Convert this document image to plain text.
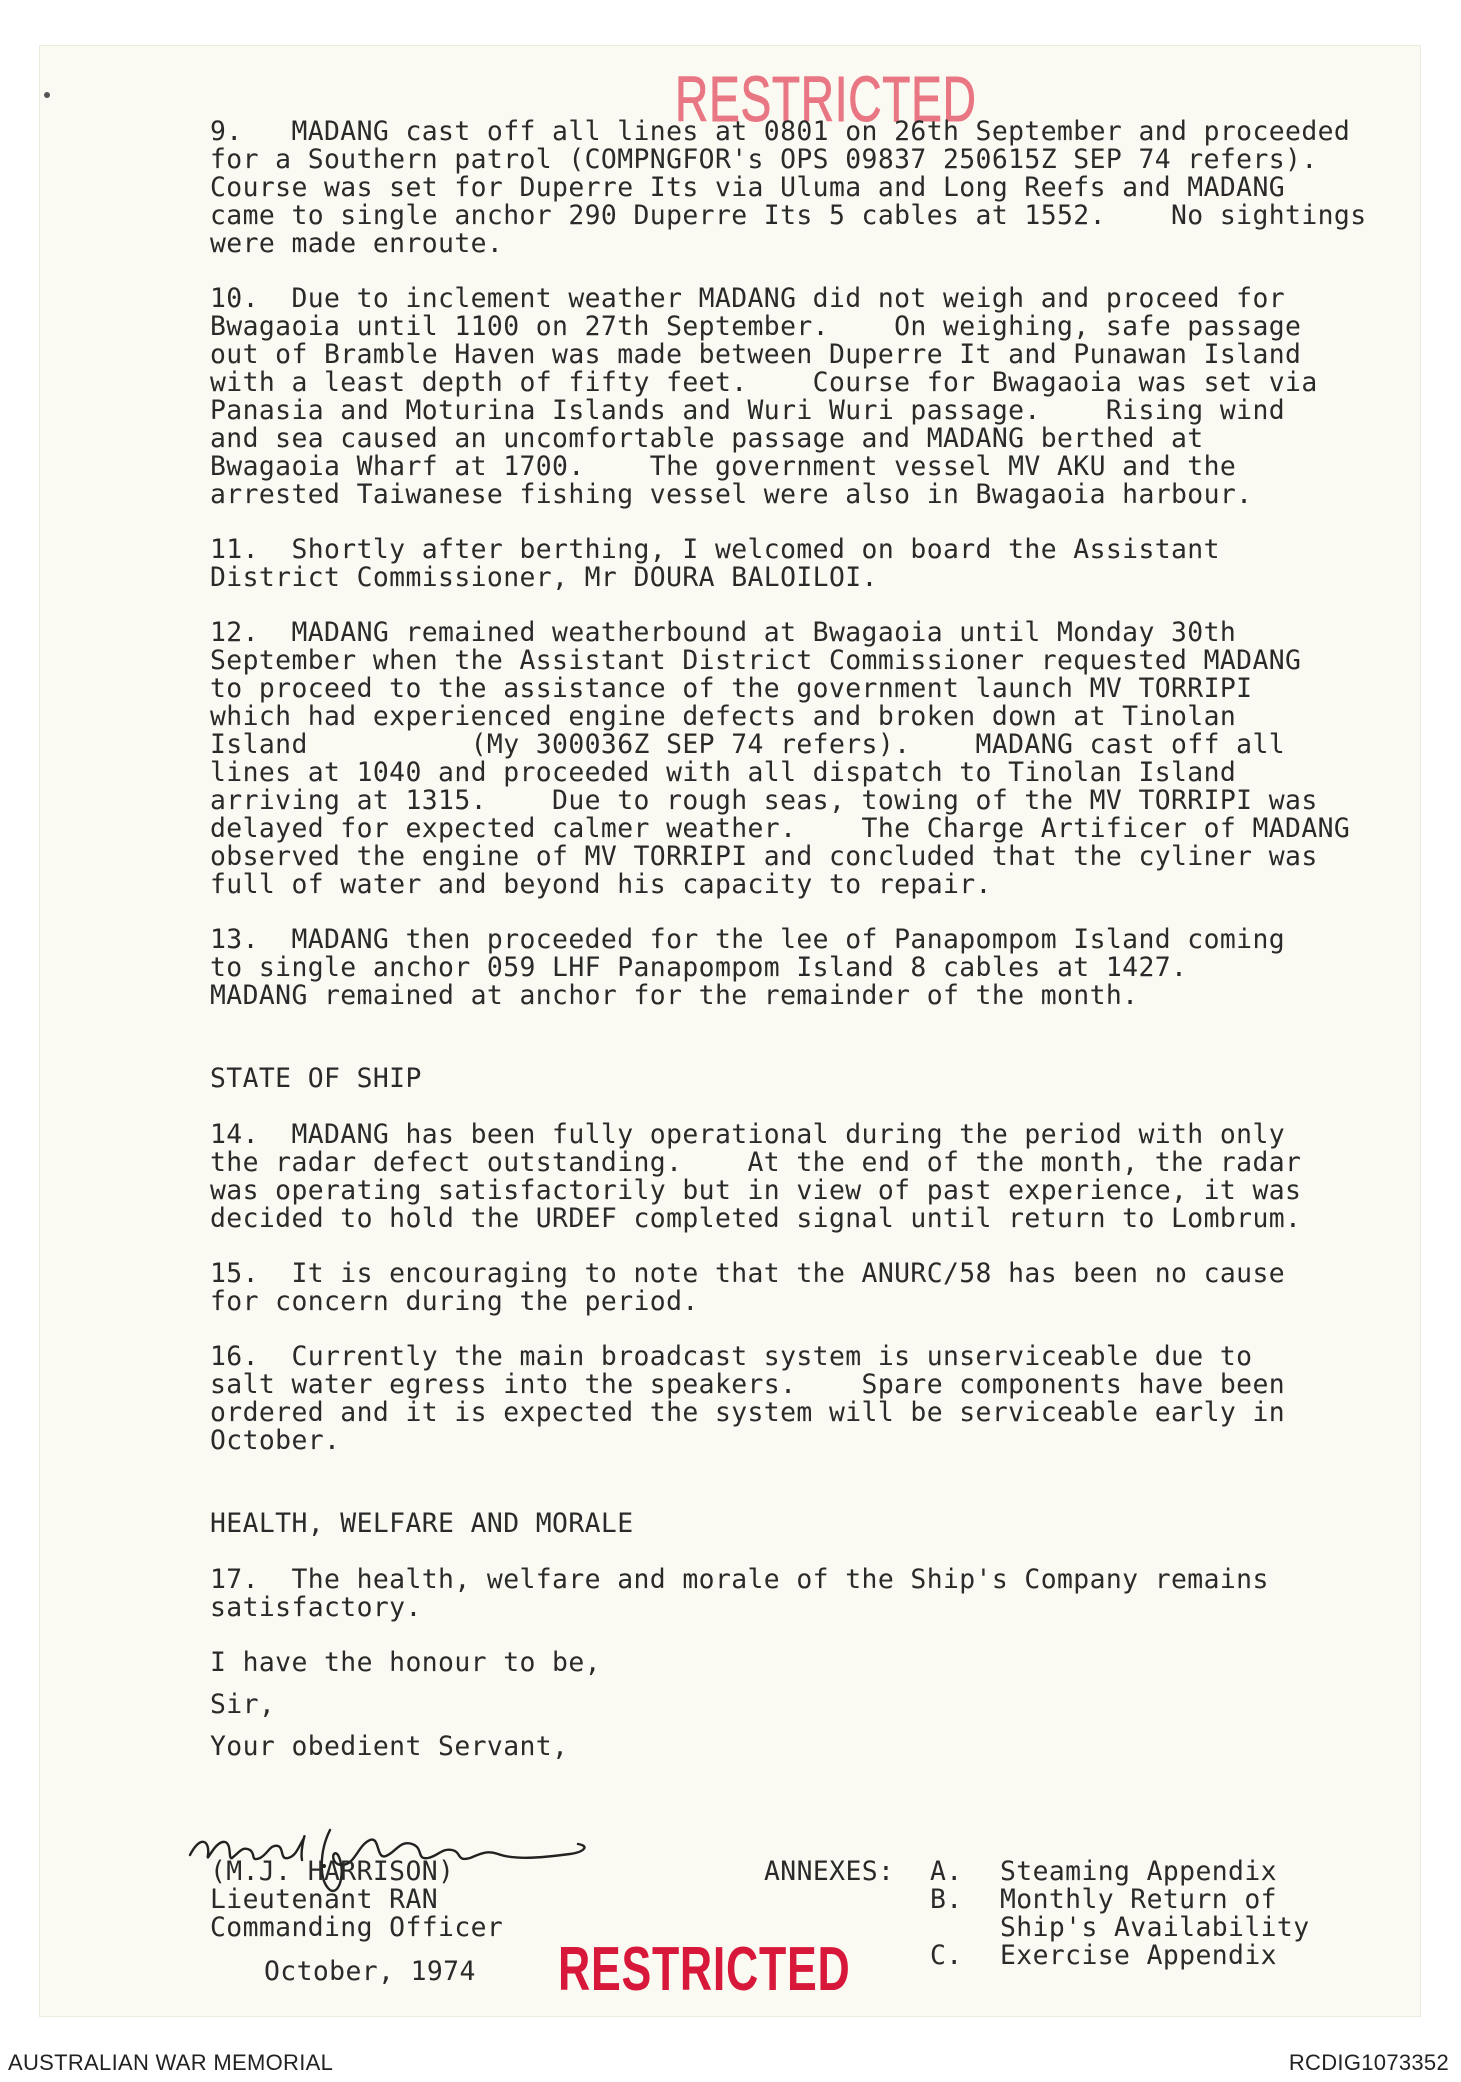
RESTRICTED
9.   MADANG cast off all lines at 0801 on 26th September and proceeded
for a Southern patrol (COMPNGFOR's OPS 09837 250615Z SEP 74 refers).
Course was set for Duperre Its via Uluma and Long Reefs and MADANG
came to single anchor 290 Duperre Its 5 cables at 1552.    No sightings
were made enroute.
10.  Due to inclement weather MADANG did not weigh and proceed for
Bwagaoia until 1100 on 27th September.    On weighing, safe passage
out of Bramble Haven was made between Duperre It and Punawan Island
with a least depth of fifty feet.    Course for Bwagaoia was set via
Panasia and Moturina Islands and Wuri Wuri passage.    Rising wind
and sea caused an uncomfortable passage and MADANG berthed at
Bwagaoia Wharf at 1700.    The government vessel MV AKU and the
arrested Taiwanese fishing vessel were also in Bwagaoia harbour.
11.  Shortly after berthing, I welcomed on board the Assistant
District Commissioner, Mr DOURA BALOILOI.
12.  MADANG remained weatherbound at Bwagaoia until Monday 30th
September when the Assistant District Commissioner requested MADANG
to proceed to the assistance of the government launch MV TORRIPI
which had experienced engine defects and broken down at Tinolan
Island          (My 300036Z SEP 74 refers).    MADANG cast off all
lines at 1040 and proceeded with all dispatch to Tinolan Island
arriving at 1315.    Due to rough seas, towing of the MV TORRIPI was
delayed for expected calmer weather.    The Charge Artificer of MADANG
observed the engine of MV TORRIPI and concluded that the cyliner was
full of water and beyond his capacity to repair.
13.  MADANG then proceeded for the lee of Panapompom Island coming
to single anchor 059 LHF Panapompom Island 8 cables at 1427.
MADANG remained at anchor for the remainder of the month.
STATE OF SHIP
14.  MADANG has been fully operational during the period with only
the radar defect outstanding.    At the end of the month, the radar
was operating satisfactorily but in view of past experience, it was
decided to hold the URDEF completed signal until return to Lombrum.
15.  It is encouraging to note that the ANURC/58 has been no cause
for concern during the period.
16.  Currently the main broadcast system is unserviceable due to
salt water egress into the speakers.    Spare components have been
ordered and it is expected the system will be serviceable early in
October.
HEALTH, WELFARE AND MORALE
17.  The health, welfare and morale of the Ship's Company remains
satisfactory.
I have the honour to be,
Sir,
Your obedient Servant,
(M.J. HARRISON)
Lieutenant RAN
Commanding Officer
October, 1974
ANNEXES: A.	Steaming Appendix
B.	Monthly Return of
Ship's Availability
C.	Exercise Appendix
RESTRICTED
AUSTRALIAN WAR MEMORIAL	RCDIG1073352
